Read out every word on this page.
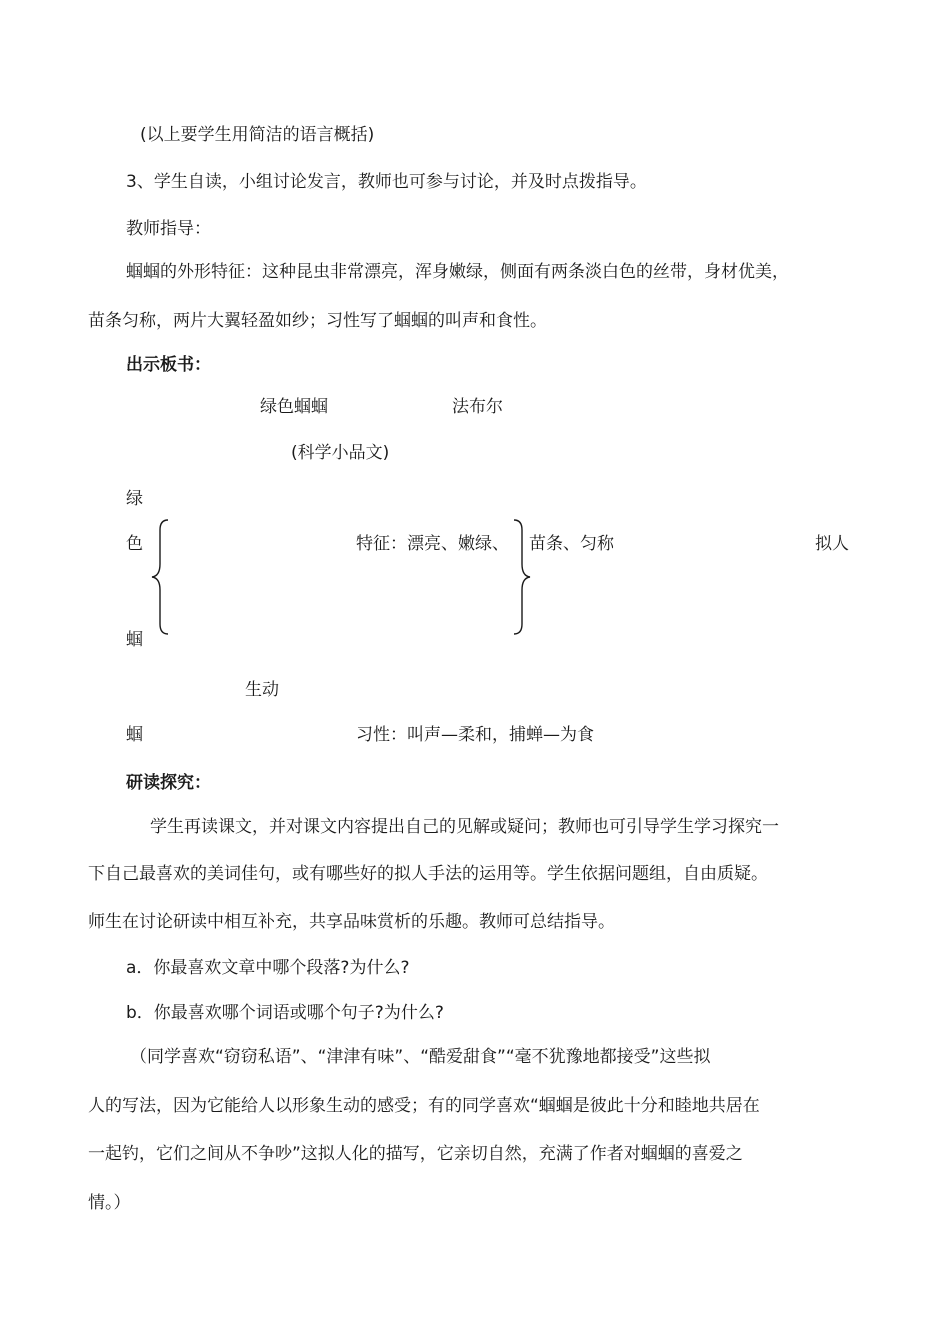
(以上要学生用简洁的语言概括)
3、学生自读，小组讨论发言，教师也可参与讨论，并及时点拨指导。
教师指导：
蝈蝈的外形特征：这种昆虫非常漂亮，浑身嫩绿，侧面有两条淡白色的丝带，身材优美，
苗条匀称，两片大翼轻盈如纱；习性写了蝈蝈的叫声和食性。
出示板书：
绿色蝈蝈	法布尔
(科学小品文)
绿
色
蝈
蝈
特征：漂亮、嫩绿、 苗条、匀称	拟人
生动
习性：叫声—柔和，捕蝉—为食
研读探究：
学生再读课文，并对课文内容提出自己的见解或疑问；教师也可引导学生学习探究一
下自己最喜欢的美词佳句，或有哪些好的拟人手法的运用等。学生依据问题组，自由质疑。
师生在讨论研读中相互补充，共享品味赏析的乐趣。教师可总结指导。
a．你最喜欢文章中哪个段落?为什么?
b．你最喜欢哪个词语或哪个句子?为什么?
（同学喜欢“窃窃私语”、“津津有味”、“酷爱甜食”“毫不犹豫地都接受”这些拟
人的写法，因为它能给人以形象生动的感受；有的同学喜欢“蝈蝈是彼此十分和睦地共居在
一起钓，它们之间从不争吵”这拟人化的描写，它亲切自然，充满了作者对蝈蝈的喜爱之
情。）
